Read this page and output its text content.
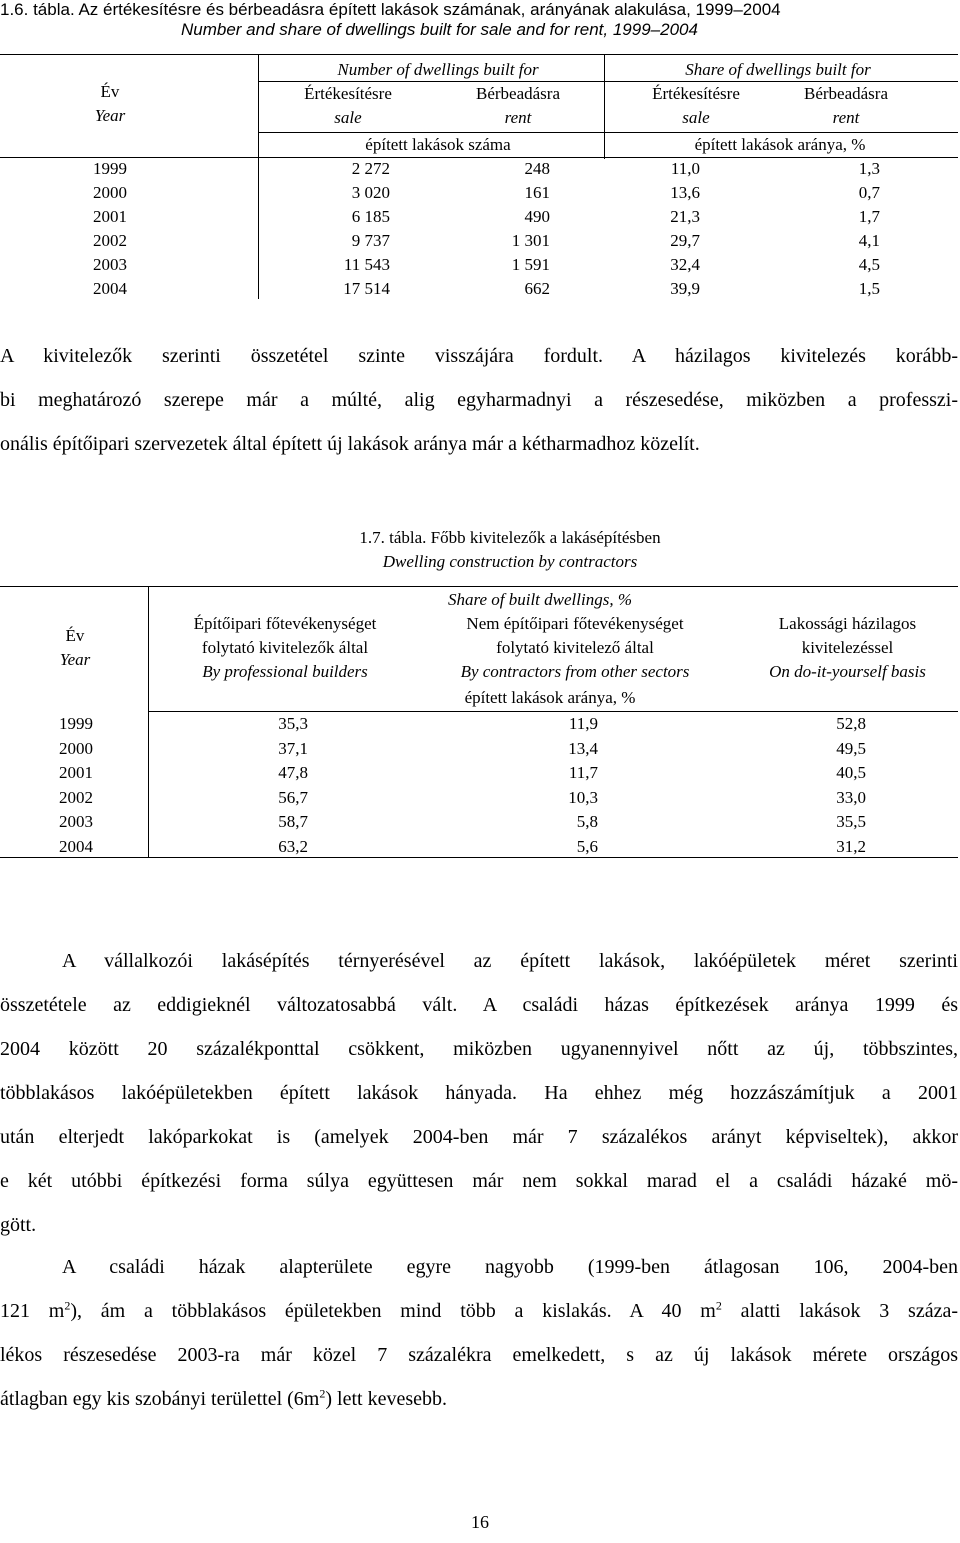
1.6. tábla. Az értékesítésre és bérbeadásra épített lakások számának, arányának alakulása, 1999–2004
Number and share of dwellings built for sale and for rent, 1999–2004
Év
Year
Number of dwellings built for	Share of dwellings built for
Értékesítésre
sale
Bérbeadásra
rent
Értékesítésre
sale
Bérbeadásra
rent
épített lakások száma	épített lakások aránya, %
1999	2 272	248	11,0	1,3
2000	3 020	161	13,6	0,7
2001	6 185	490	21,3	1,7
2002	9 737	1 301	29,7	4,1
2003	11 543	1 591	32,4	4,5
2004	17 514	662	39,9	1,5
A kivitelezők szerinti összetétel szinte visszájára fordult. A házilagos kivitelezés korább-
bi meghatározó szerepe már a múlté, alig egyharmadnyi a részesedése, miközben a professzi-
onális építőipari szervezetek által épített új lakások aránya már a kétharmadhoz közelít.
1.7. tábla. Főbb kivitelezők a lakásépítésben
Dwelling construction by contractors
Év
Year
Share of built dwellings, %
Építőipari főtevékenységet
folytató kivitelezők által
By professional builders
Nem építőipari főtevékenységet
folytató kivitelező által
By contractors from other sectors
Lakossági házilagos
kivitelezéssel
On do-it-yourself basis
épített lakások aránya, %
1999	35,3	11,9	52,8
2000	37,1	13,4	49,5
2001	47,8	11,7	40,5
2002	56,7	10,3	33,0
2003	58,7	5,8	35,5
2004	63,2	5,6	31,2
A vállalkozói lakásépítés térnyerésével az épített lakások, lakóépületek méret szerinti
összetétele az eddigieknél változatosabbá vált. A családi házas építkezések aránya 1999 és
2004 között 20 százalékponttal csökkent, miközben ugyanennyivel nőtt az új, többszintes,
többlakásos lakóépületekben épített lakások hányada. Ha ehhez még hozzászámítjuk a 2001
után elterjedt lakóparkokat is (amelyek 2004-ben már 7 százalékos arányt képviseltek), akkor
e két utóbbi építkezési forma súlya együttesen már nem sokkal marad el a családi házaké mö-
gött.
A családi házak alapterülete egyre nagyobb (1999-ben átlagosan 106, 2004-ben
121 $m^2$), ám a többlakásos épületekben mind több a kislakás. A 40 $m^2$ alatti lakások 3 száza-
lékos részesedése 2003-ra már közel 7 százalékra emelkedett, s az új lakások mérete országos
átlagban egy kis szobányi területtel $(6m^2)$ lett kevesebb.
16
